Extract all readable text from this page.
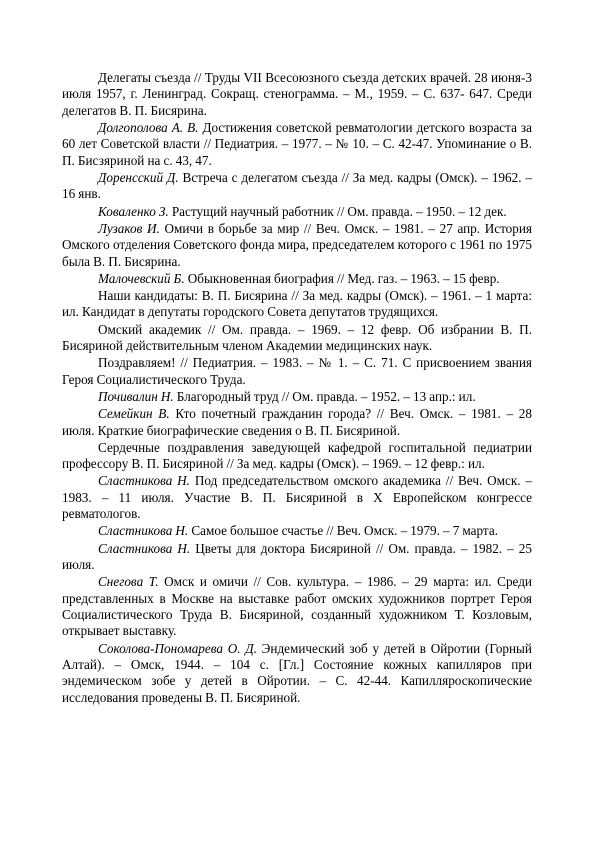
Делегаты съезда // Труды VII Всесоюзного съезда детских врачей. 28 июня-3 июля 1957, г. Ленинград. Сокращ. стенограмма. – М., 1959. – С. 637- 647. Среди делегатов В. П. Бисярина.

Долгополова А. В. Достижения советской ревматологии детского возраста за 60 лет Советской власти // Педиатрия. – 1977. – № 10. – С. 42-47. Упоминание о В. П. Бисзяриной на с. 43, 47.

Доренсский Д. Встреча с делегатом съезда // За мед. кадры (Омск). – 1962. – 16 янв.

Коваленко З. Растущий научный работник // Ом. правда. – 1950. – 12 дек.

Лузаков И. Омичи в борьбе за мир // Веч. Омск. – 1981. – 27 апр. История Омского отделения Советского фонда мира, председателем которого с 1961 по 1975 была В. П. Бисярина.

Малочевский Б. Обыкновенная биография // Мед. газ. – 1963. – 15 февр.

Наши кандидаты: В. П. Бисярина // За мед. кадры (Омск). – 1961. – 1 марта: ил. Кандидат в депутаты городского Совета депутатов трудящихся.

Омский академик // Ом. правда. – 1969. – 12 февр. Об избрании В. П. Бисяриной действительным членом Академии медицинских наук.

Поздравляем! // Педиатрия. – 1983. – № 1. – С. 71. С присвоением звания Героя Социалистического Труда.

Почивалин Н. Благородный труд // Ом. правда. – 1952. – 13 апр.: ил.

Семейкин В. Кто почетный гражданин города? // Веч. Омск. – 1981. – 28 июля. Краткие биографические сведения о В. П. Бисяриной.

Сердечные поздравления заведующей кафедрой госпитальной педиатрии профессору В. П. Бисяриной // За мед. кадры (Омск). – 1969. – 12 февр.: ил.

Сластникова Н. Под председательством омского академика // Веч. Омск. – 1983. – 11 июля. Участие В. П. Бисяриной в X Европейском конгрессе ревматологов.

Сластникова Н. Самое большое счастье // Веч. Омск. – 1979. – 7 марта.

Сластникова Н. Цветы для доктора Бисяриной // Ом. правда. – 1982. – 25 июля.

Снегова Т. Омск и омичи // Сов. культура. – 1986. – 29 марта: ил. Среди представленных в Москве на выставке работ омских художников портрет Героя Социалистического Труда В. Бисяриной, созданный художником Т. Козловым, открывает выставку.

Соколова-Пономарева О. Д. Эндемический зоб у детей в Ойротии (Горный Алтай). – Омск, 1944. – 104 с. [Гл.] Состояние кожных капилляров при эндемическом зобе у детей в Ойротии. – С. 42-44. Капилляроскопические исследования проведены В. П. Бисяриной.
